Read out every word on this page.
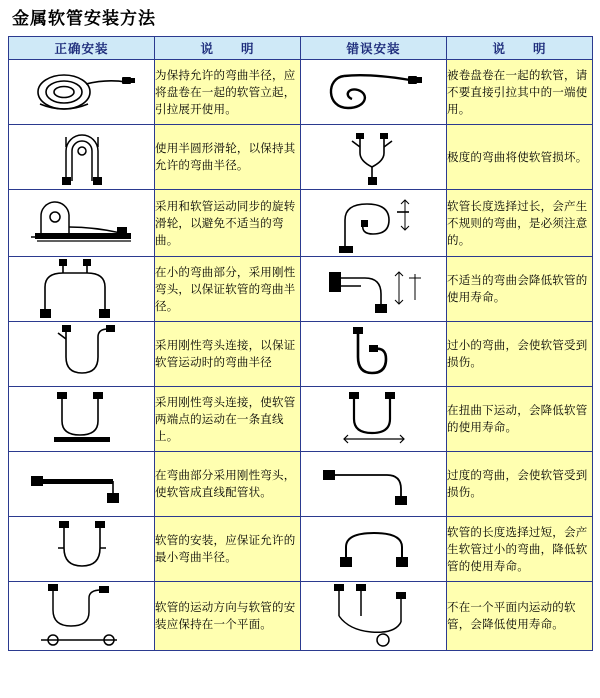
金属软管安装方法
正确安装	说　　明	错误安装	说　　明

	为保持允许的弯曲半径，应将盘卷在一起的软管立起，引拉展开使用。		被卷盘卷在一起的软管，请不要直接引拉其中的一端使用。

	使用半圆形滑轮，以保持其允许的弯曲半径。		极度的弯曲将使软管损坏。

	采用和软管运动同步的旋转滑轮，以避免不适当的弯曲。		软管长度选择过长，会产生不规则的弯曲，是必须注意的。

	在小的弯曲部分，采用刚性弯头，以保证软管的弯曲半径。		不适当的弯曲会降低软管的使用寿命。

	采用刚性弯头连接，以保证软管运动时的弯曲半径		过小的弯曲，会使软管受到损伤。

	采用刚性弯头连接，使软管两端点的运动在一条直线上。		在扭曲下运动，会降低软管的使用寿命。

	在弯曲部分采用刚性弯头，使软管成直线配管状。		过度的弯曲，会使软管受到损伤。

	软管的安装，应保证允许的最小弯曲半径。		软管的长度选择过短，会产生软管过小的弯曲，降低软管的使用寿命。

	软管的运动方向与软管的安装应保持在一个平面。		不在一个平面内运动的软管，会降低使用寿命。
